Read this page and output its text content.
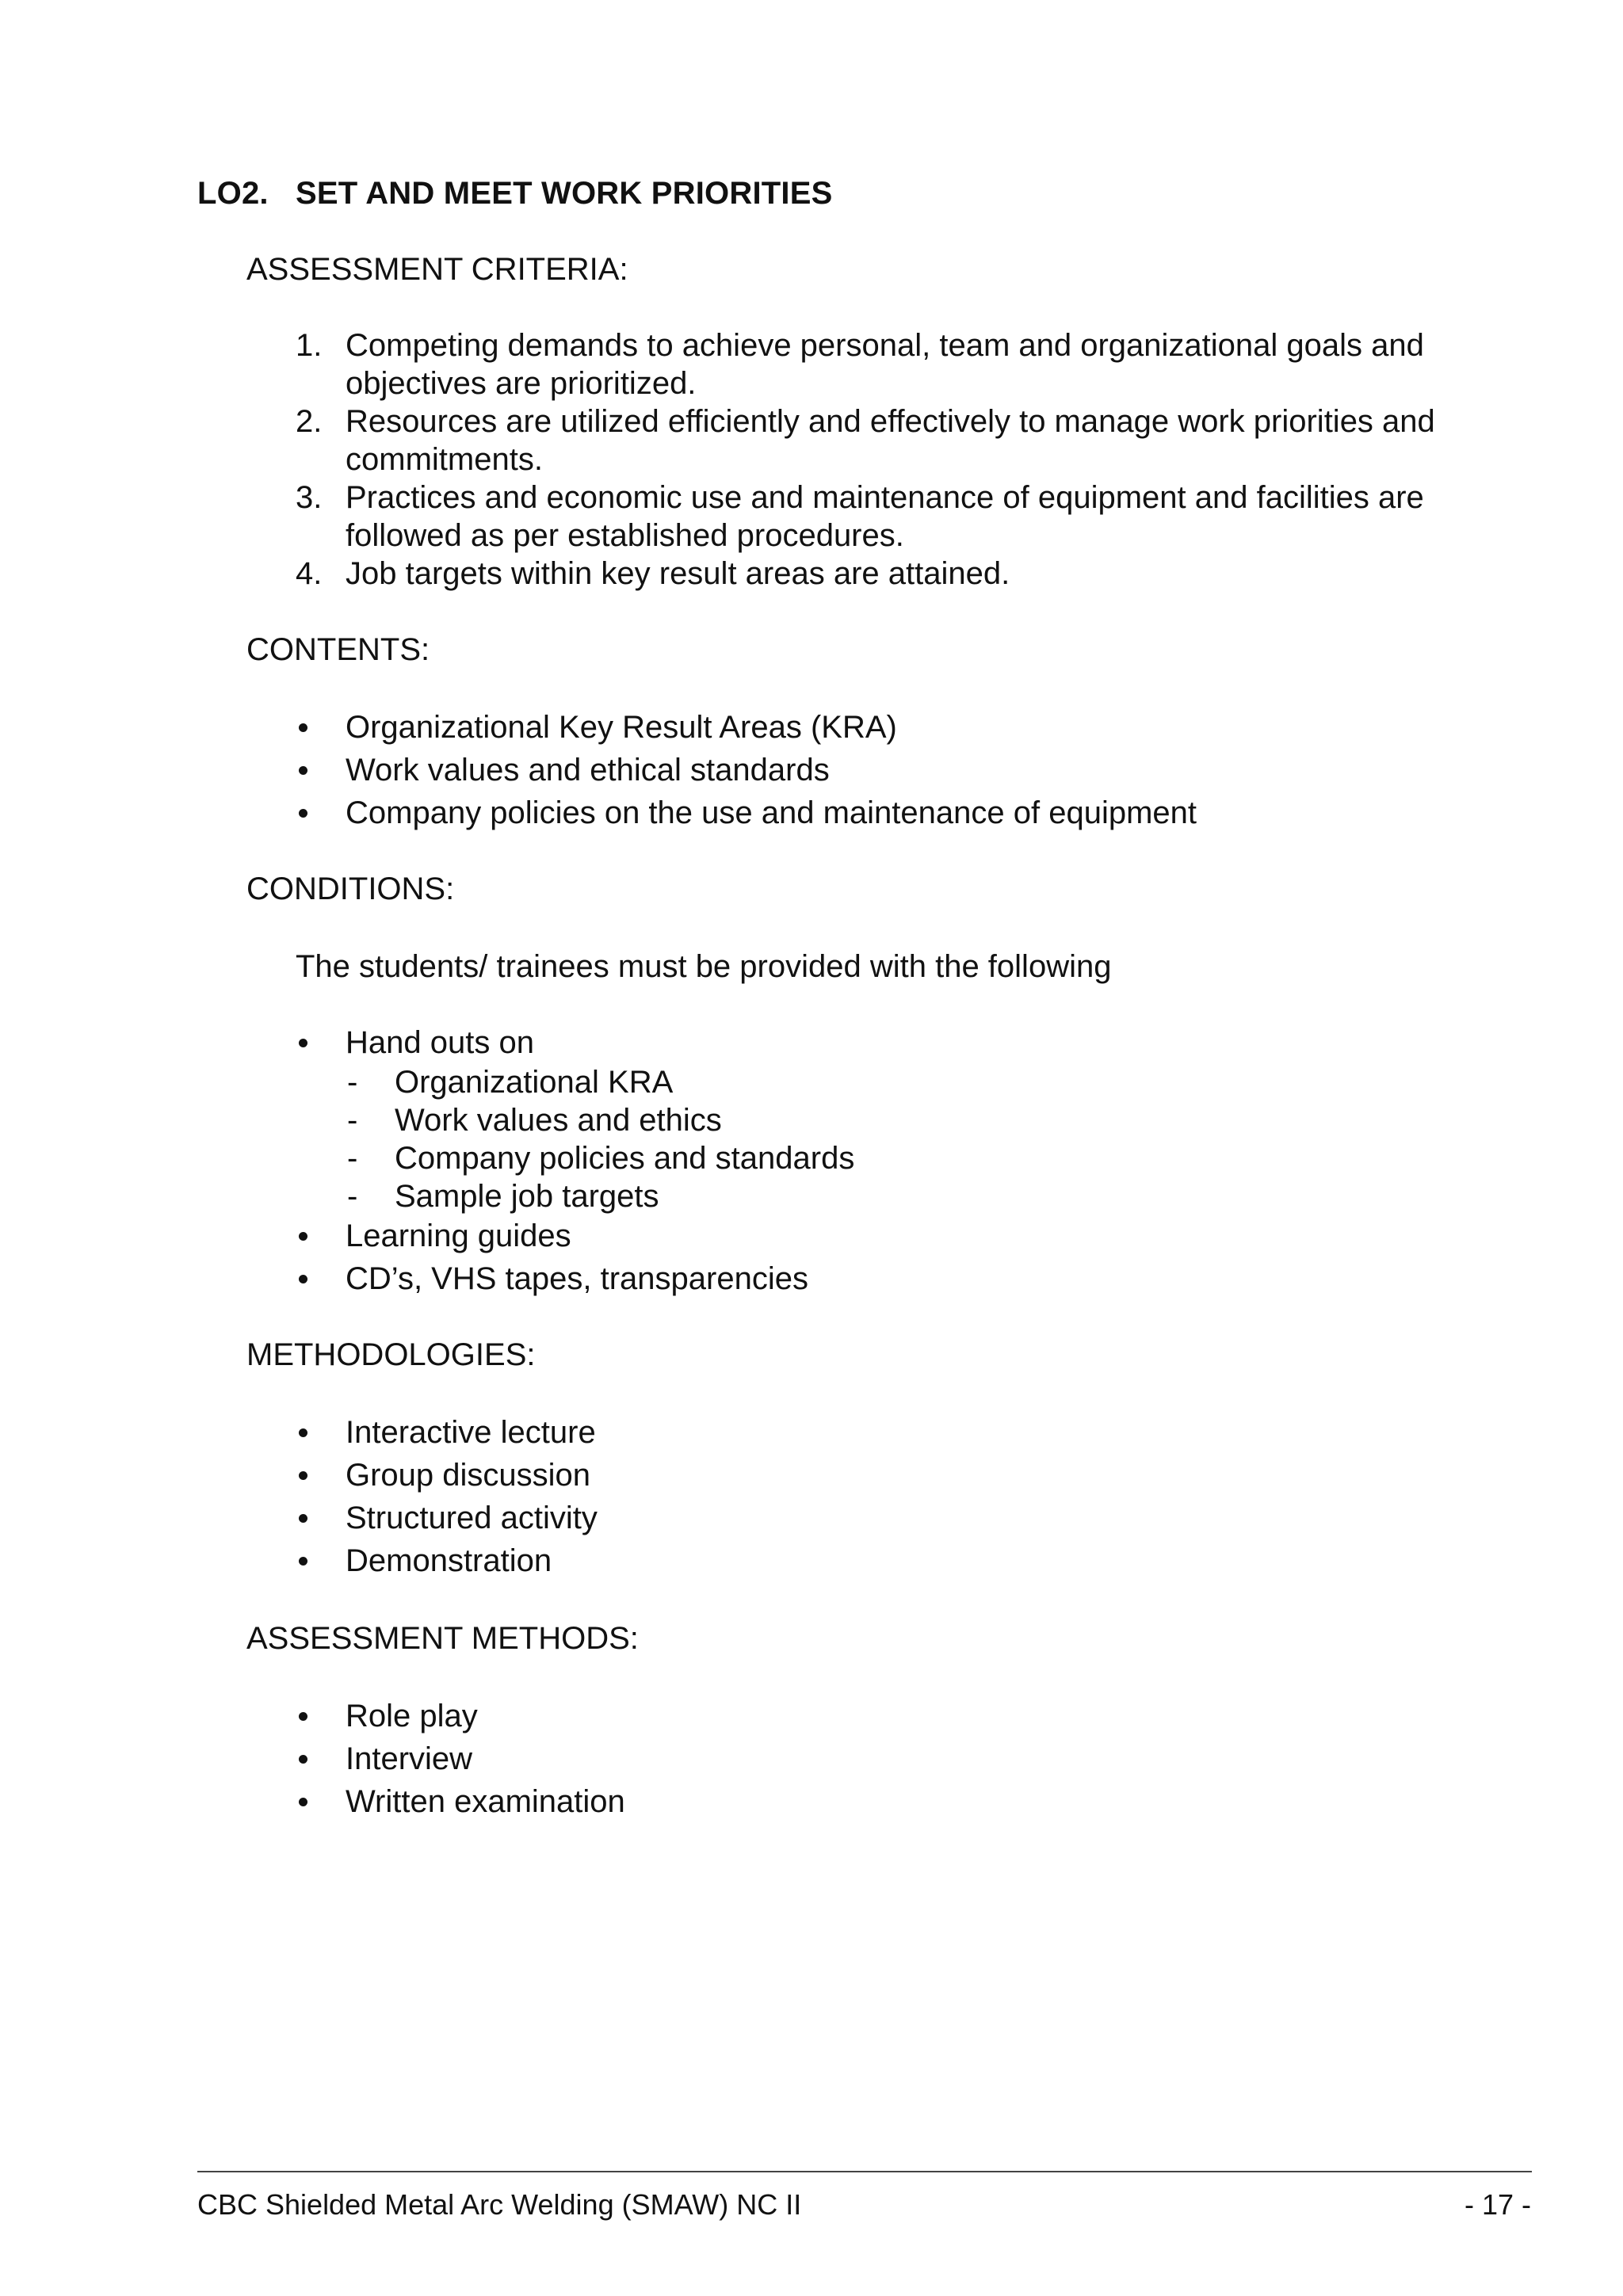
LO2. SET AND MEET WORK PRIORITIES
ASSESSMENT CRITERIA:
1. Competing demands to achieve personal, team and organizational goals and
objectives are prioritized.
2. Resources are utilized efficiently and effectively to manage work priorities and
commitments.
3. Practices and economic use and maintenance of equipment and facilities are
followed as per established procedures.
4. Job targets within key result areas are attained.
CONTENTS:
Organizational Key Result Areas (KRA)
Work values and ethical standards
Company policies on the use and maintenance of equipment
CONDITIONS:
The students/ trainees must be provided with the following
Hand outs on
- Organizational KRA
- Work values and ethics
- Company policies and standards
- Sample job targets
Learning guides
CD’s, VHS tapes, transparencies
METHODOLOGIES:
Interactive lecture
Group discussion
Structured activity
Demonstration
ASSESSMENT METHODS:
Role play
Interview
Written examination
CBC Shielded Metal Arc Welding (SMAW) NC II	- 17 -
